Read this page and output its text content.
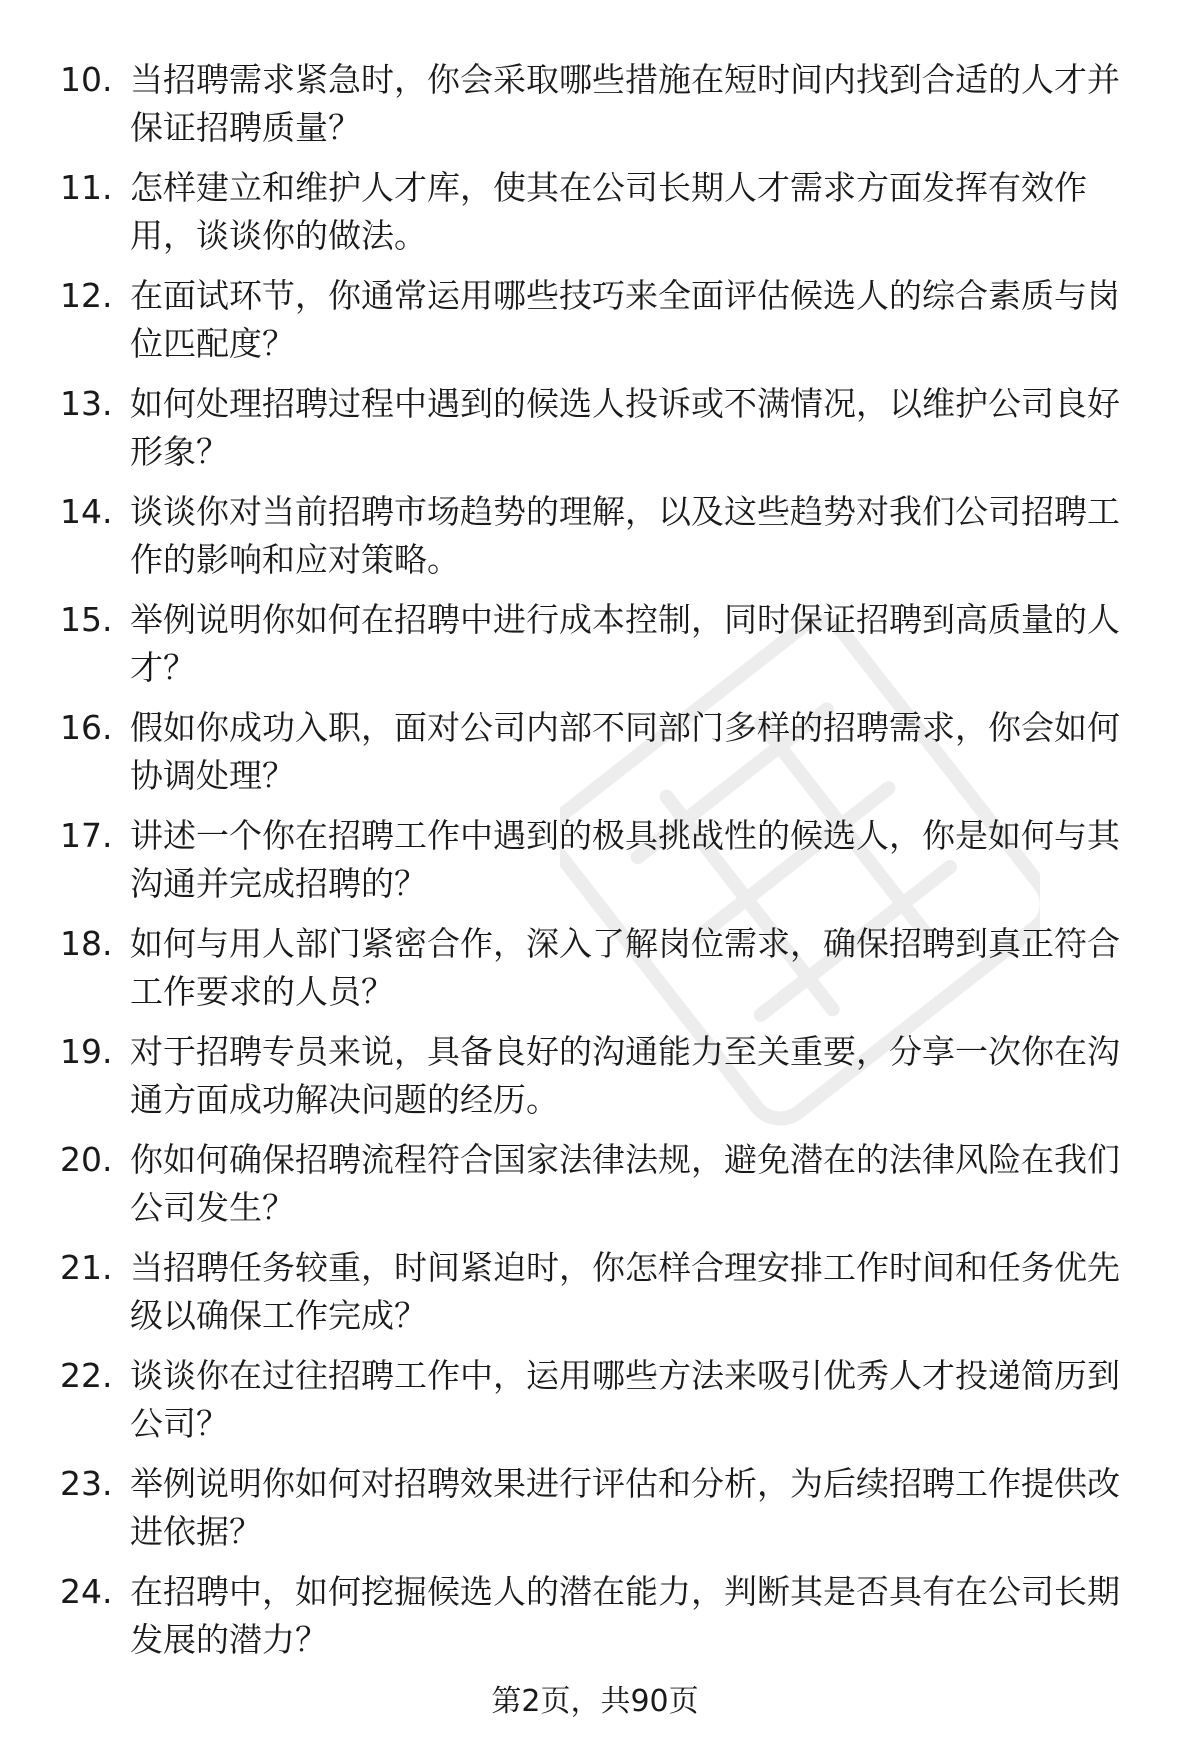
10. 当招聘需求紧急时，你会采取哪些措施在短时间内找到合适的人才并保证招聘质量？
11. 怎样建立和维护人才库，使其在公司长期人才需求方面发挥有效作用，谈谈你的做法。
12. 在面试环节，你通常运用哪些技巧来全面评估候选人的综合素质与岗位匹配度？
13. 如何处理招聘过程中遇到的候选人投诉或不满情况，以维护公司良好形象？
14. 谈谈你对当前招聘市场趋势的理解，以及这些趋势对我们公司招聘工作的影响和应对策略。
15. 举例说明你如何在招聘中进行成本控制，同时保证招聘到高质量的人才？
16. 假如你成功入职，面对公司内部不同部门多样的招聘需求，你会如何协调处理？
17. 讲述一个你在招聘工作中遇到的极具挑战性的候选人，你是如何与其沟通并完成招聘的？
18. 如何与用人部门紧密合作，深入了解岗位需求，确保招聘到真正符合工作要求的人员？
19. 对于招聘专员来说，具备良好的沟通能力至关重要，分享一次你在沟通方面成功解决问题的经历。
20. 你如何确保招聘流程符合国家法律法规，避免潜在的法律风险在我们公司发生？
21. 当招聘任务较重，时间紧迫时，你怎样合理安排工作时间和任务优先级以确保工作完成？
22. 谈谈你在过往招聘工作中，运用哪些方法来吸引优秀人才投递简历到公司？
23. 举例说明你如何对招聘效果进行评估和分析，为后续招聘工作提供改进依据？
24. 在招聘中，如何挖掘候选人的潜在能力，判断其是否具有在公司长期发展的潜力？
第2页，共90页
